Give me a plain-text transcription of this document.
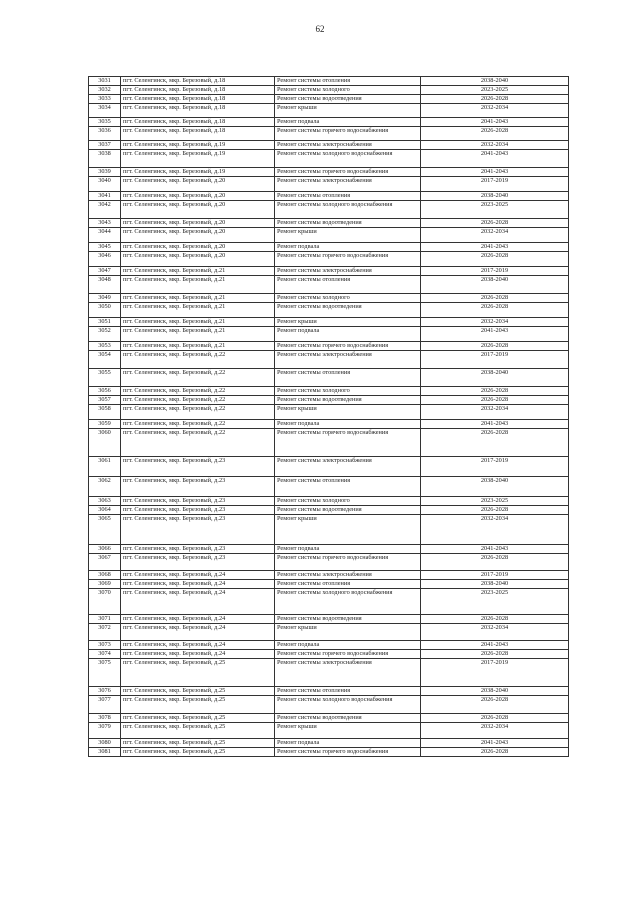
62
3031	пгт. Селенгинск, мкр. Березовый, д.18	Ремонт системы отопления	2038-2040
3032	пгт. Селенгинск, мкр. Березовый, д.18	Ремонт системы холодного	2023-2025
3033	пгт. Селенгинск, мкр. Березовый, д.18	Ремонт системы водоотведения	2026-2028
3034	пгт. Селенгинск, мкр. Березовый, д.18	Ремонт крыши	2032-2034
3035	пгт. Селенгинск, мкр. Березовый, д.18	Ремонт подвала	2041-2043
3036	пгт. Селенгинск, мкр. Березовый, д.18	Ремонт системы горячего водоснабжения	2026-2028
3037	пгт. Селенгинск, мкр. Березовый, д.19	Ремонт системы электроснабжения	2032-2034
3038	пгт. Селенгинск, мкр. Березовый, д.19	Ремонт системы холодного водоснабжения	2041-2043
3039	пгт. Селенгинск, мкр. Березовый, д.19	Ремонт системы горячего водоснабжения	2041-2043
3040	пгт. Селенгинск, мкр. Березовый, д.20	Ремонт системы электроснабжения	2017-2019
3041	пгт. Селенгинск, мкр. Березовый, д.20	Ремонт системы отопления	2038-2040
3042	пгт. Селенгинск, мкр. Березовый, д.20	Ремонт системы холодного водоснабжения	2023-2025
3043	пгт. Селенгинск, мкр. Березовый, д.20	Ремонт системы водоотведения	2026-2028
3044	пгт. Селенгинск, мкр. Березовый, д.20	Ремонт крыши	2032-2034
3045	пгт. Селенгинск, мкр. Березовый, д.20	Ремонт подвала	2041-2043
3046	пгт. Селенгинск, мкр. Березовый, д.20	Ремонт системы горячего водоснабжения	2026-2028
3047	пгт. Селенгинск, мкр. Березовый, д.21	Ремонт системы электроснабжения	2017-2019
3048	пгт. Селенгинск, мкр. Березовый, д.21	Ремонт системы отопления	2038-2040
3049	пгт. Селенгинск, мкр. Березовый, д.21	Ремонт системы холодного	2026-2028
3050	пгт. Селенгинск, мкр. Березовый, д.21	Ремонт системы водоотведения	2026-2028
3051	пгт. Селенгинск, мкр. Березовый, д.21	Ремонт крыши	2032-2034
3052	пгт. Селенгинск, мкр. Березовый, д.21	Ремонт подвала	2041-2043
3053	пгт. Селенгинск, мкр. Березовый, д.21	Ремонт системы горячего водоснабжения	2026-2028
3054	пгт. Селенгинск, мкр. Березовый, д.22	Ремонт системы электроснабжения	2017-2019
3055	пгт. Селенгинск, мкр. Березовый, д.22	Ремонт системы отопления	2038-2040
3056	пгт. Селенгинск, мкр. Березовый, д.22	Ремонт системы холодного	2026-2028
3057	пгт. Селенгинск, мкр. Березовый, д.22	Ремонт системы водоотведения	2026-2028
3058	пгт. Селенгинск, мкр. Березовый, д.22	Ремонт крыши	2032-2034
3059	пгт. Селенгинск, мкр. Березовый, д.22	Ремонт подвала	2041-2043
3060	пгт. Селенгинск, мкр. Березовый, д.22	Ремонт системы горячего водоснабжения	2026-2028
3061	пгт. Селенгинск, мкр. Березовый, д.23	Ремонт системы электроснабжения	2017-2019
3062	пгт. Селенгинск, мкр. Березовый, д.23	Ремонт системы отопления	2038-2040
3063	пгт. Селенгинск, мкр. Березовый, д.23	Ремонт системы холодного	2023-2025
3064	пгт. Селенгинск, мкр. Березовый, д.23	Ремонт системы водоотведения	2026-2028
3065	пгт. Селенгинск, мкр. Березовый, д.23	Ремонт крыши	2032-2034
3066	пгт. Селенгинск, мкр. Березовый, д.23	Ремонт подвала	2041-2043
3067	пгт. Селенгинск, мкр. Березовый, д.23	Ремонт системы горячего водоснабжения	2026-2028
3068	пгт. Селенгинск, мкр. Березовый, д.24	Ремонт системы электроснабжения	2017-2019
3069	пгт. Селенгинск, мкр. Березовый, д.24	Ремонт системы отопления	2038-2040
3070	пгт. Селенгинск, мкр. Березовый, д.24	Ремонт системы холодного водоснабжения	2023-2025
3071	пгт. Селенгинск, мкр. Березовый, д.24	Ремонт системы водоотведения	2026-2028
3072	пгт. Селенгинск, мкр. Березовый, д.24	Ремонт крыши	2032-2034
3073	пгт. Селенгинск, мкр. Березовый, д.24	Ремонт подвала	2041-2043
3074	пгт. Селенгинск, мкр. Березовый, д.24	Ремонт системы горячего водоснабжения	2026-2028
3075	пгт. Селенгинск, мкр. Березовый, д.25	Ремонт системы электроснабжения	2017-2019
3076	пгт. Селенгинск, мкр. Березовый, д.25	Ремонт системы отопления	2038-2040
3077	пгт. Селенгинск, мкр. Березовый, д.25	Ремонт системы холодного водоснабжения	2026-2028
3078	пгт. Селенгинск, мкр. Березовый, д.25	Ремонт системы водоотведения	2026-2028
3079	пгт. Селенгинск, мкр. Березовый, д.25	Ремонт крыши	2032-2034
3080	пгт. Селенгинск, мкр. Березовый, д.25	Ремонт подвала	2041-2043
3081	пгт. Селенгинск, мкр. Березовый, д.25	Ремонт системы горячего водоснабжения	2026-2028
